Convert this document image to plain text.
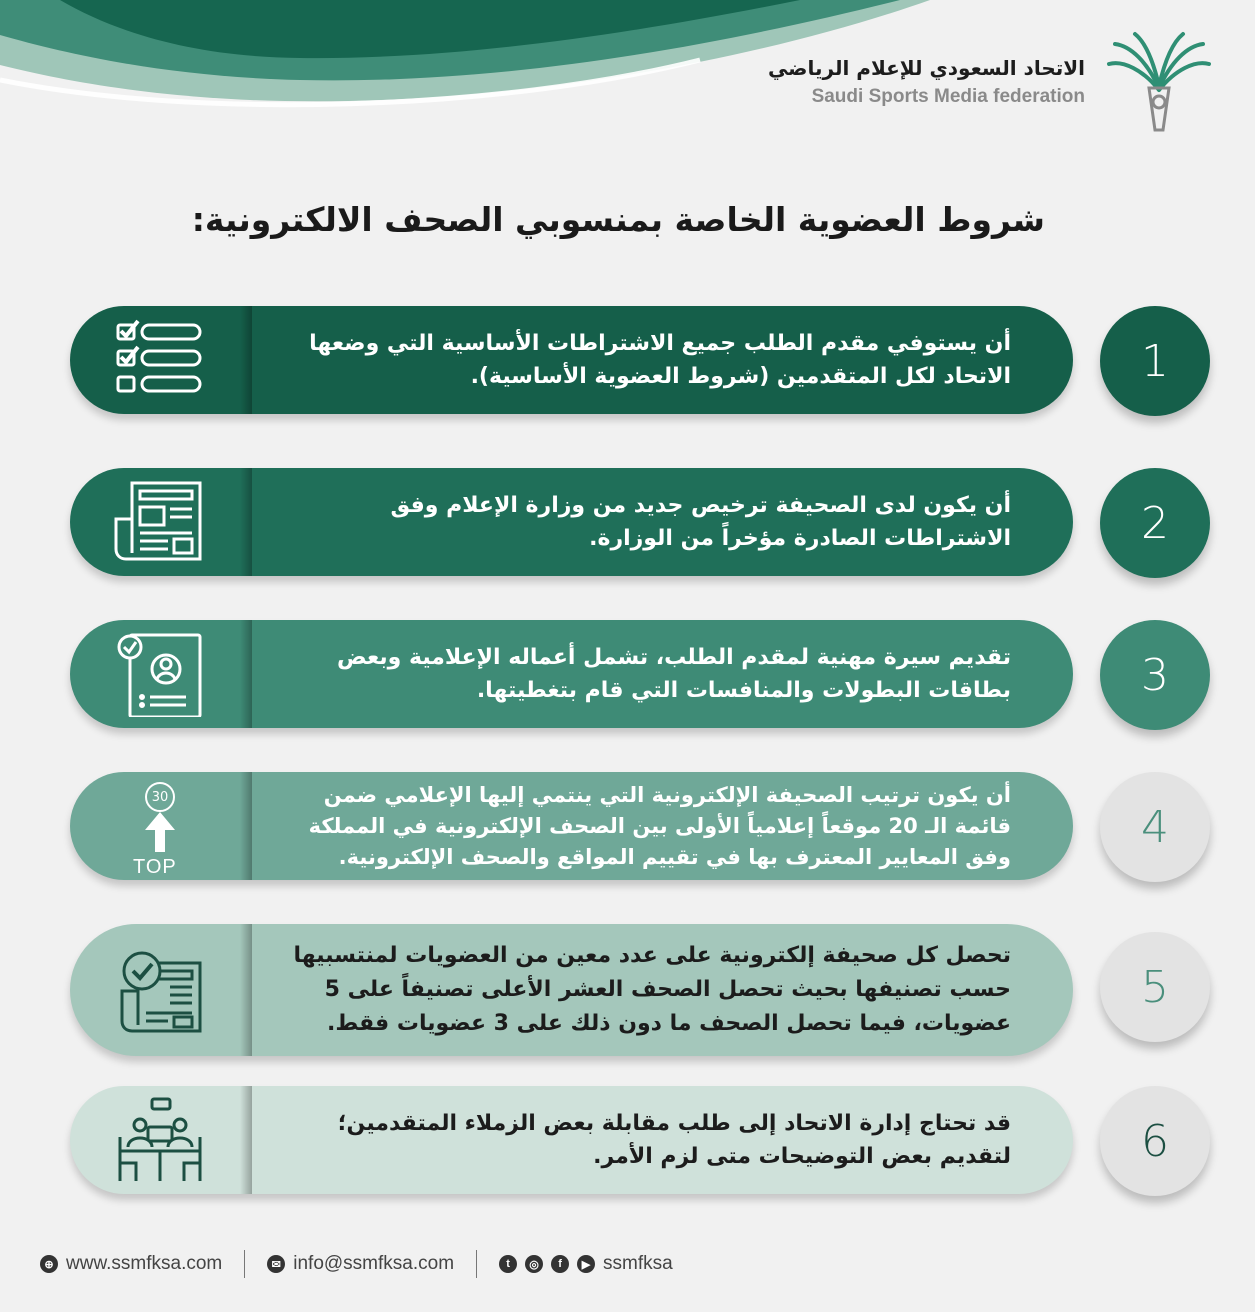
الاتحاد السعودي للإعلام الرياضي
Saudi Sports Media federation
شروط العضوية الخاصة بمنسوبي الصحف الالكترونية:
أن يستوفي مقدم الطلب جميع الاشتراطات الأساسية التي وضعها الاتحاد لكل المتقدمين (شروط العضوية الأساسية).	1
أن يكون لدى الصحيفة ترخيص جديد من وزارة الإعلام وفق الاشتراطات الصادرة مؤخراً من الوزارة.	2
تقديم سيرة مهنية لمقدم الطلب، تشمل أعماله الإعلامية وبعض بطاقات البطولات والمنافسات التي قام بتغطيتها.	3
30
TOP
أن يكون ترتيب الصحيفة الإلكترونية التي ينتمي إليها الإعلامي ضمن قائمة الـ 20 موقعاً إعلامياً الأولى بين الصحف الإلكترونية في المملكة وفق المعايير المعترف بها في تقييم المواقع والصحف الإلكترونية.
4
تحصل كل صحيفة إلكترونية على عدد معين من العضويات لمنتسبيها حسب تصنيفها بحيث تحصل الصحف العشر الأعلى تصنيفاً على 5 عضويات، فيما تحصل الصحف ما دون ذلك على 3 عضويات فقط.
5
قد تحتاج إدارة الاتحاد إلى طلب مقابلة بعض الزملاء المتقدمين؛ لتقديم بعض التوضيحات متى لزم الأمر.	6
⊕ www.ssmfksa.com	✉ info@ssmfksa.com	t	◎	f	▶ ssmfksa
